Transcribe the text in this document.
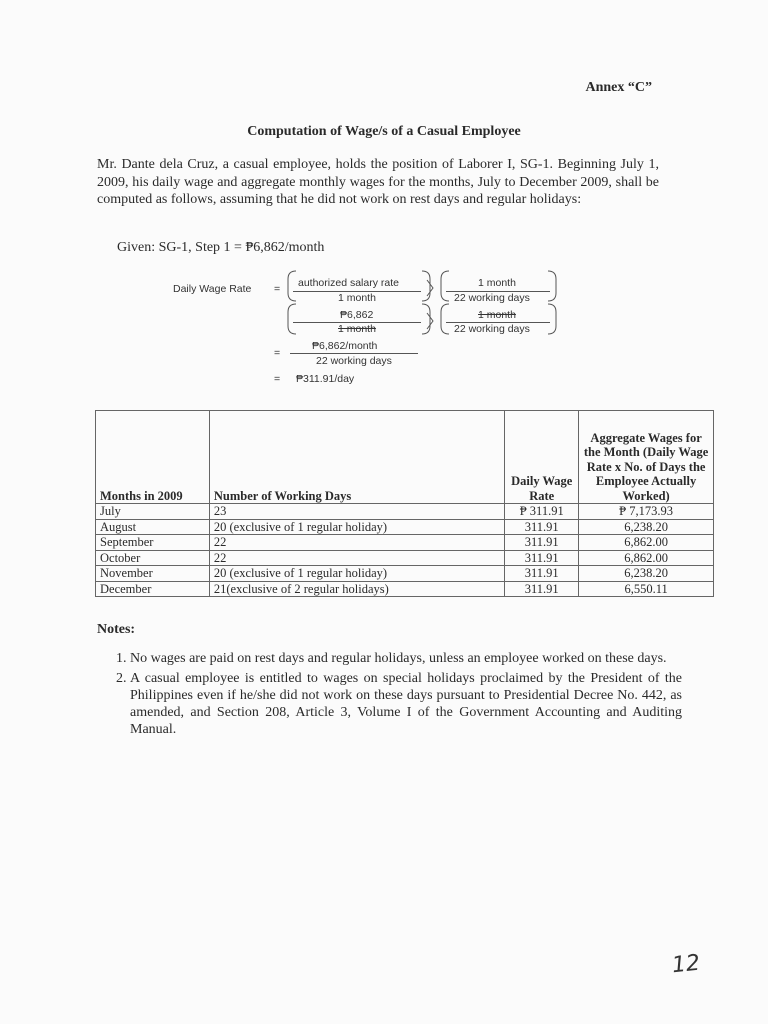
Annex “C”
Computation of Wage/s of a Casual Employee
Mr. Dante dela Cruz, a casual employee, holds the position of Laborer I, SG-1. Beginning July 1, 2009, his daily wage and aggregate monthly wages for the months, July to December 2009, shall be computed as follows, assuming that he did not work on rest days and regular holidays:
Given: SG-1, Step 1 = ₱6,862/month
Daily Wage Rate = authorized salary rate
1 month
1 month
22 working days
₱6,862
1 month
1 month
22 working days
=
₱6,862/month
22 working days
= ₱311.91/day
Months in 2009	Number of Working Days	Daily Wage Rate	Aggregate Wages for the Month (Daily Wage Rate x No. of Days the Employee Actually Worked)
July	23	₱ 311.91	₱ 7,173.93
August	20 (exclusive of 1 regular holiday)	311.91	6,238.20
September	22	311.91	6,862.00
October	22	311.91	6,862.00
November	20 (exclusive of 1 regular holiday)	311.91	6,238.20
December	21(exclusive of 2 regular holidays)	311.91	6,550.11
Notes:
1. No wages are paid on rest days and regular holidays, unless an employee worked on these days.
2. A casual employee is entitled to wages on special holidays proclaimed by the President of the Philippines even if he/she did not work on these days pursuant to Presidential Decree No. 442, as amended, and Section 208, Article 3, Volume I of the Government Accounting and Auditing Manual.
12
